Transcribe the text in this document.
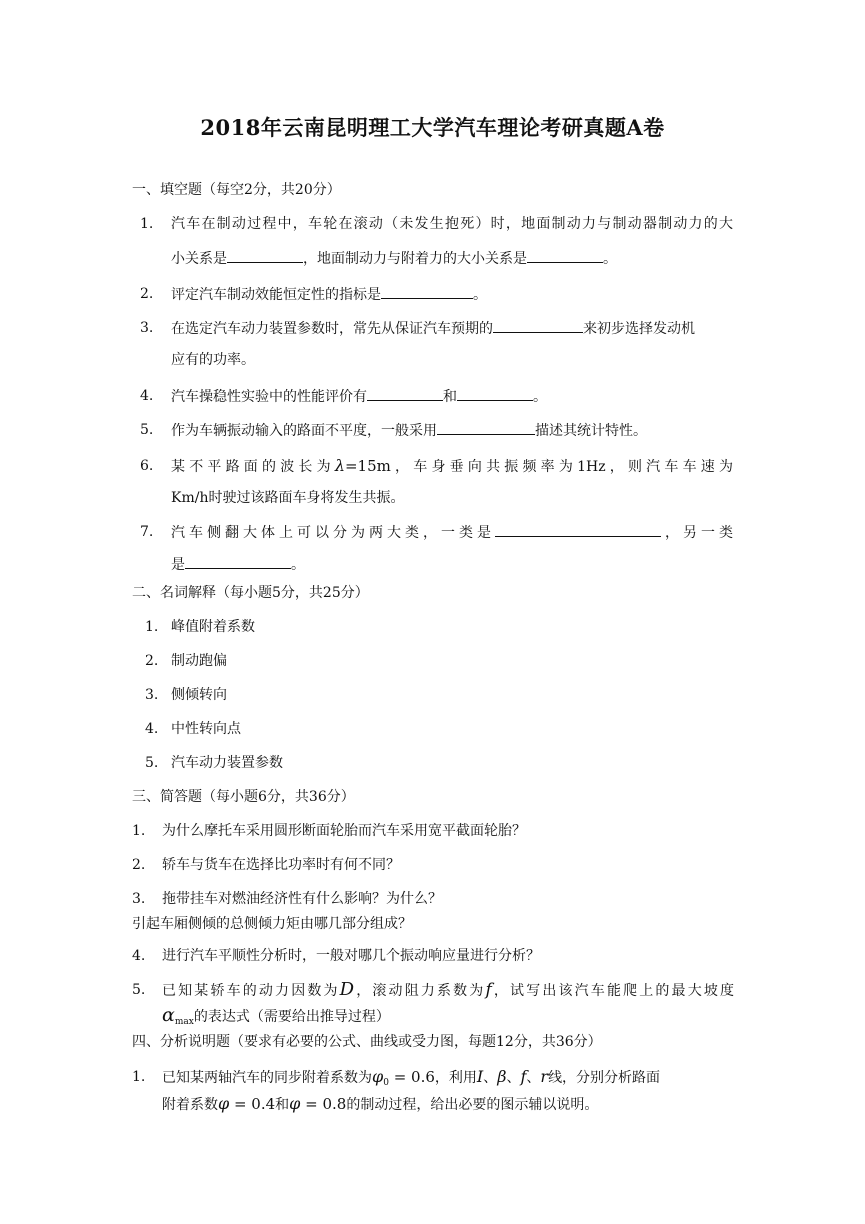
2018年云南昆明理工大学汽车理论考研真题A卷
一、填空题（每空2分，共20分）
1. 汽车在制动过程中，车轮在滚动（未发生抱死）时，地面制动力与制动器制动力的大
小关系是	，地面制动力与附着力的大小关系是	。
2. 评定汽车制动效能恒定性的指标是	。
3. 在选定汽车动力装置参数时，常先从保证汽车预期的	来初步选择发动机
应有的功率。
4. 汽车操稳性实验中的性能评价有	和	。
5. 作为车辆振动输入的路面不平度，一般采用	描述其统计特性。
6. 某不平路面的波长为λ=15m，车身垂向共振频率为1Hz，则汽车车速为
Km/h时驶过该路面车身将发生共振。
7. 汽车侧翻大体上可以分为两大类，一类是	，另一类
是	。
二、名词解释（每小题5分，共25分）
1. 峰值附着系数
2. 制动跑偏
3. 侧倾转向
4. 中性转向点
5. 汽车动力装置参数
三、简答题（每小题6分，共36分）
1. 为什么摩托车采用圆形断面轮胎而汽车采用宽平截面轮胎？
2. 轿车与货车在选择比功率时有何不同？
3. 拖带挂车对燃油经济性有什么影响？为什么？
引起车厢侧倾的总侧倾力矩由哪几部分组成？
4. 进行汽车平顺性分析时，一般对哪几个振动响应量进行分析？
5. 已知某轿车的动力因数为D，滚动阻力系数为f，试写出该汽车能爬上的最大坡度
$\alpha_{max}$的表达式（需要给出推导过程）
四、分析说明题（要求有必要的公式、曲线或受力图，每题12分，共36分）
1. 已知某两轴汽车的同步附着系数为$\varphi_0 = 0.6$，利用I、β、f、r线，分别分析路面
附着系数φ = 0.4和φ = 0.8的制动过程，给出必要的图示辅以说明。
